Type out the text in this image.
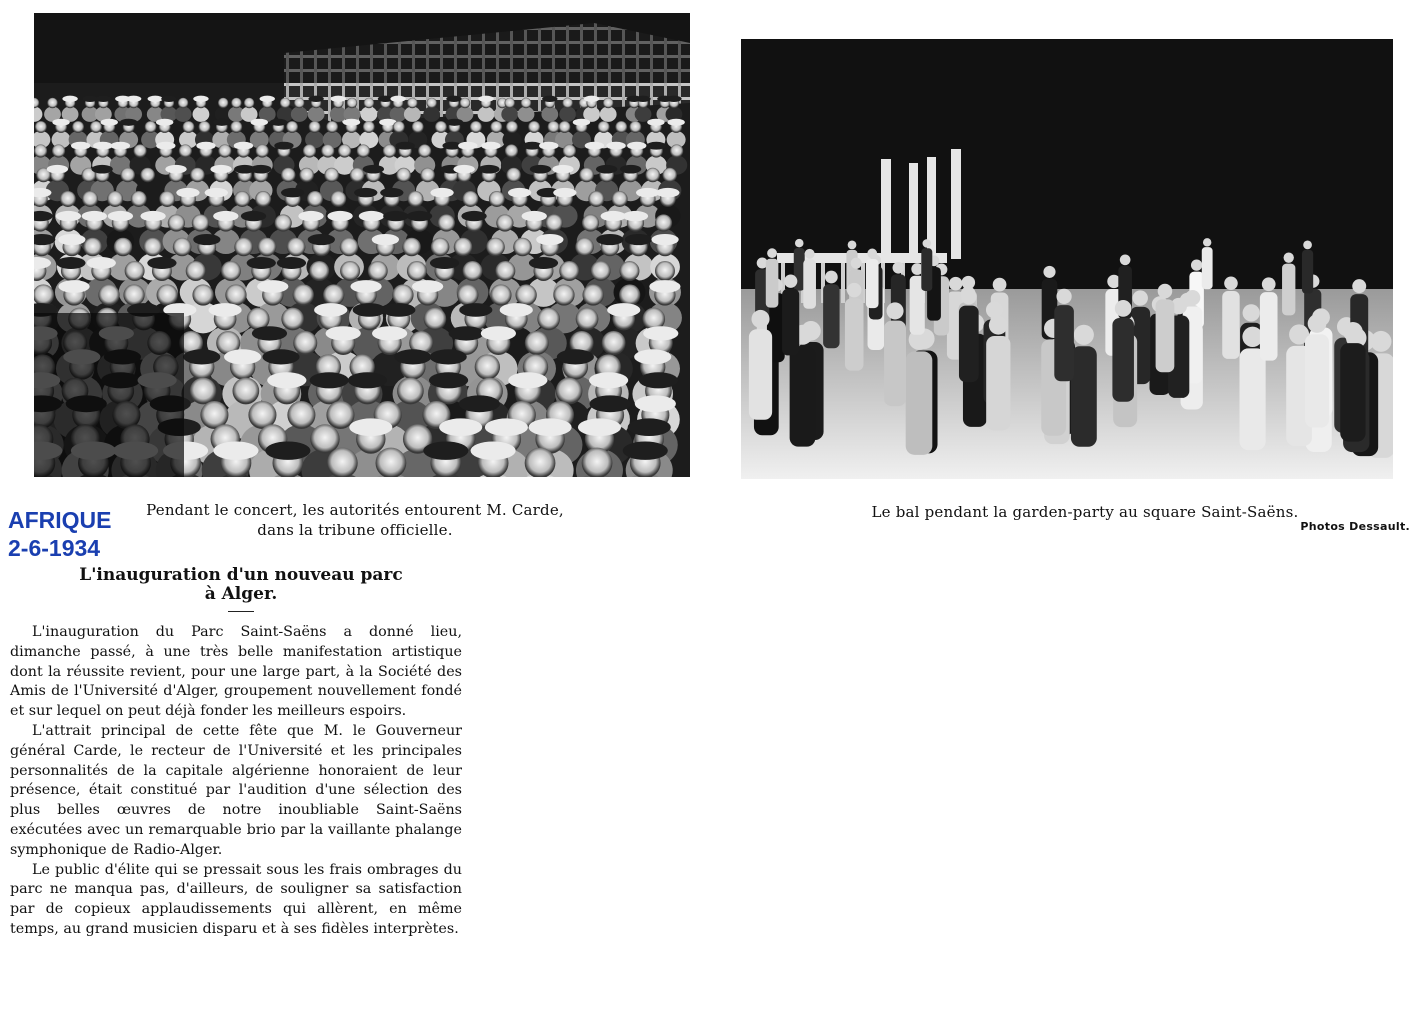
Pendant le concert, les autorités entourent M. Carde,
dans la tribune officielle.
Le bal pendant la garden-party au square Saint-Saëns.
Photos Dessault.
AFRIQUE
2-6-1934
L'inauguration d'un nouveau parc
à Alger.

L'inauguration du Parc Saint-Saëns a donné lieu, dimanche passé, à une très belle manifestation artistique dont la réussite revient, pour une large part, à la Société des Amis de l'Université d'Alger, groupement nouvellement fondé et sur lequel on peut déjà fonder les meilleurs espoirs.

L'attrait principal de cette fête que M. le Gouverneur général Carde, le recteur de l'Université et les principales personnalités de la capitale algérienne honoraient de leur présence, était constitué par l'audition d'une sélection des plus belles œuvres de notre inoubliable Saint-Saëns exécutées avec un remarquable brio par la vaillante phalange symphonique de Radio-Alger.

Le public d'élite qui se pressait sous les frais ombrages du parc ne manqua pas, d'ailleurs, de souligner sa satisfaction par de copieux applaudissements qui allèrent, en même temps, au grand musicien disparu et à ses fidèles interprètes.
